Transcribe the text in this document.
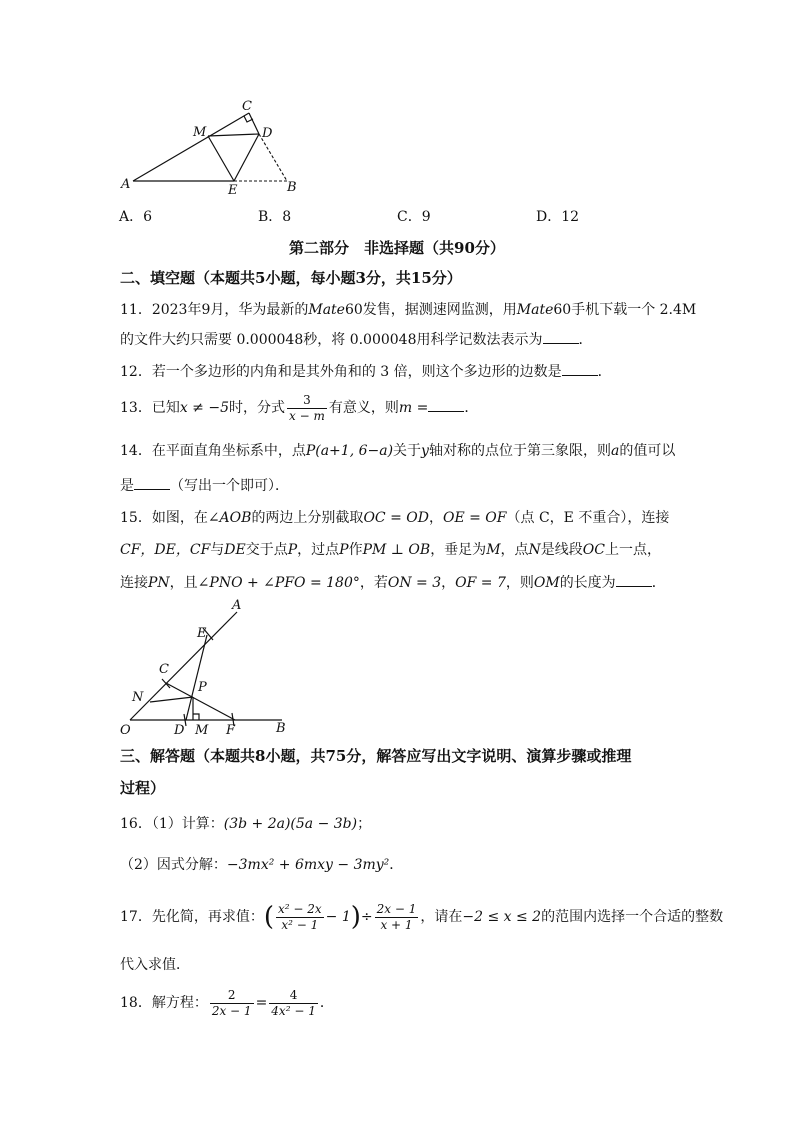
C
M	D
A	E	B
A．6	B．8	C．9	D．12
第二部分　非选择题（共90分）
二、填空题（本题共5小题，每小题3分，共15分）
11．2023年9月，华为最新的Mate60发售，据测速网监测，用Mate60手机下载一个 2.4M
的文件大约只需要 0.000048秒，将 0.000048用科学记数法表示为	．
12．若一个多边形的内角和是其外角和的 3 倍，则这个多边形的边数是	．
13．已知x ≠ −5时，分式 $\frac{3}{x - m}$ 有意义，则m =	．
14．在平面直角坐标系中，点P(a+1, 6−a)关于y轴对称的点位于第三象限，则a的值可以
是	（写出一个即可）．
15．如图，在∠AOB的两边上分别截取OC = OD，OE = OF（点 C，E 不重合），连接
CF，DE，CF与DE交于点P，过点P作PM ⊥ OB，垂足为M，点N是线段OC上一点，
连接PN，且∠PNO + ∠PFO = 180°，若ON = 3，OF = 7，则OM的长度为	．
A
E
C
N
P
O	D M F	B
三、解答题（本题共8小题，共75分，解答应写出文字说明、演算步骤或推理
过程）
16．（1）计算：(3b + 2a)(5a − 3b)；
（2）因式分解：−3mx² + 6mxy − 3my²．
17．先化简，再求值：( $\frac{\text{x² − 2x}}{\text{x² − 1}} - 1)\div \frac{2x - 1}{x + 1}$ ，请在−2 ≤ x ≤ 2的范围内选择一个合适的整数
代入求值．
18．解方程： $\frac{2}{2x - 1} = \frac{4}{\text{4x² − 1}}$ ．
